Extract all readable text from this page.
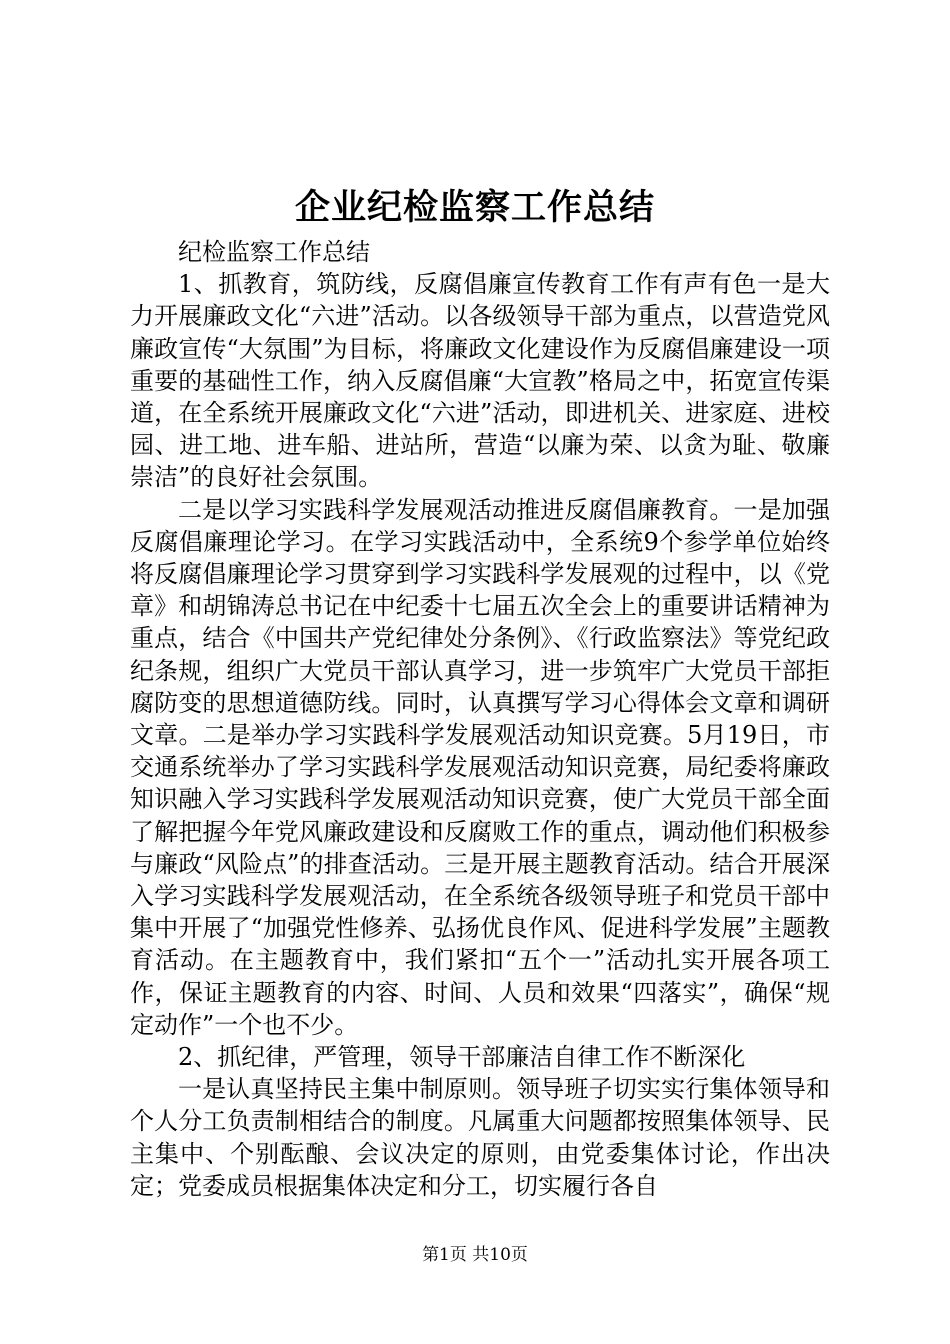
企业纪检监察工作总结

纪检监察工作总结

1、抓教育，筑防线，反腐倡廉宣传教育工作有声有色一是大力开展廉政文化“六进”活动。以各级领导干部为重点，以营造党风廉政宣传“大氛围”为目标，将廉政文化建设作为反腐倡廉建设一项重要的基础性工作，纳入反腐倡廉“大宣教”格局之中，拓宽宣传渠道，在全系统开展廉政文化“六进”活动，即进机关、进家庭、进校园、进工地、进车船、进站所，营造“以廉为荣、以贪为耻、敬廉崇洁”的良好社会氛围。

二是以学习实践科学发展观活动推进反腐倡廉教育。一是加强反腐倡廉理论学习。在学习实践活动中，全系统9个参学单位始终将反腐倡廉理论学习贯穿到学习实践科学发展观的过程中，以《党章》和胡锦涛总书记在中纪委十七届五次全会上的重要讲话精神为重点，结合《中国共产党纪律处分条例》、《行政监察法》等党纪政纪条规，组织广大党员干部认真学习，进一步筑牢广大党员干部拒腐防变的思想道德防线。同时，认真撰写学习心得体会文章和调研文章。二是举办学习实践科学发展观活动知识竞赛。5月19日，市交通系统举办了学习实践科学发展观活动知识竞赛，局纪委将廉政知识融入学习实践科学发展观活动知识竞赛，使广大党员干部全面了解把握今年党风廉政建设和反腐败工作的重点，调动他们积极参与廉政“风险点”的排查活动。三是开展主题教育活动。结合开展深入学习实践科学发展观活动，在全系统各级领导班子和党员干部中集中开展了“加强党性修养、弘扬优良作风、促进科学发展”主题教育活动。在主题教育中，我们紧扣“五个一”活动扎实开展各项工作，保证主题教育的内容、时间、人员和效果“四落实”，确保“规定动作”一个也不少。

2、抓纪律，严管理，领导干部廉洁自律工作不断深化

一是认真坚持民主集中制原则。领导班子切实实行集体领导和个人分工负责制相结合的制度。凡属重大问题都按照集体领导、民主集中、个别酝酿、会议决定的原则，由党委集体讨论，作出决定；党委成员根据集体决定和分工，切实履行各自

第1页 共10页
